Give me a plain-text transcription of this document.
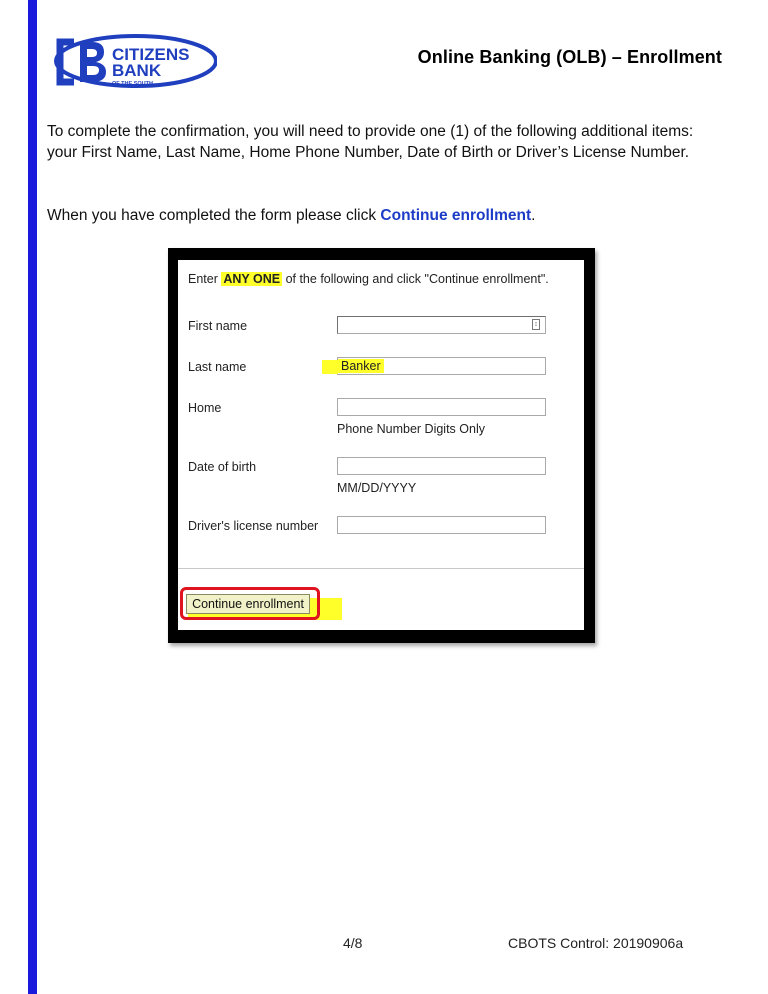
CITIZENS
BANK
OF THE SOUTH
Online Banking (OLB) – Enrollment
To complete the confirmation, you will need to provide one (1) of the following additional items: your First Name, Last Name, Home Phone Number, Date of Birth or Driver’s License Number.
When you have completed the form please click Continue enrollment.
Enter ANY ONE of the following and click "Continue enrollment".
First name	↕
Last name	Banker
Home
Phone Number Digits Only
Date of birth
MM/DD/YYYY
Driver's license number
Continue enrollment
4/8	CBOTS Control: 20190906a
